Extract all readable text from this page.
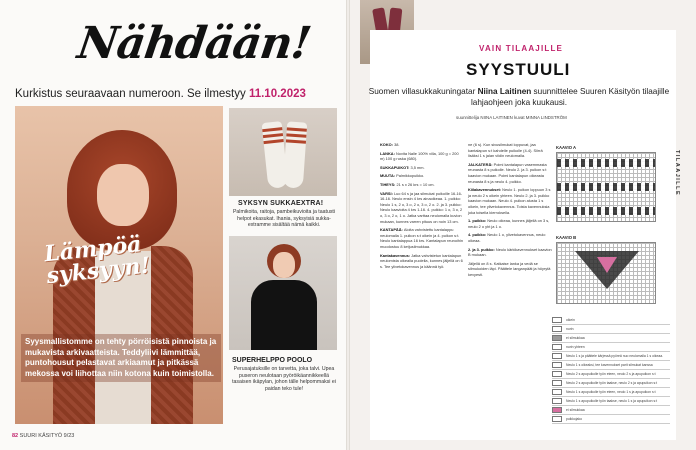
Nähdään!
Kurkistus seuraavaan numeroon. Se ilmestyy 11.10.2023
Lämpöä syksyyn!
Syysmallistomme on tehty pörröisistä pinnoista ja mukavista arkivaatteista. Teddyliivi lämmittää, puntohousut pelastavat arkiaamut ja pitkässä mekossa voi liihottaa niin kotona kuin toimistolla.
SYKSYN SUKKAEXTRA!
Palmikoita, raitoja, pambeikuvioita ja taatusti helpot ekasukat. Ihania, syksyisiä sukka-extramme sisältää nämä kaikki.
SUPERHELPPO POOLO
Perusajatuksille on tarvetta, joka talvi. Upea puseron neulotaan pyöröikäannikkeellä tasaisen ikäpylan, johon tälle helpommaksi ei paidan teko tule!
82 SUURI KÄSITYÖ 9/23
VAIN TILAAJILLE
SYYSTUULI
Suomen villasukkakuningatar Niina Laitinen suunnittelee Suuren Käsityön tilaajille lahjaohjeen joka kuukausi.
suunnittelija NIINA LAITINEN kuvat MINNA LINDSTRÖM

KOKO: 38.

LANKA: Novita Nalle 100% villa, 100 g = 200 m) 100 g ruska (680).

SUKKAPUIKOT: 3,5 mm.

MUUTA: Palmikkopuikko.

TIHEYS: 21 s x 26 krs = 10 cm.

VARSI: Luo 64 s ja jaa silmukat puikoille 16-16-16-16. Neulo ensin 4 krs ainaoikeaa. 1. puikko: Neulo 1 s, 2 o, 3 o, 2 o, 3 o, 2 o. 2. ja 3. puikko: Neulo kaavioita 4 krs 1-16. 4. puikko: 1 o, 3 o, 2 o, 3 o, 2 o, 1 o. Jatka varttaa neulomalla kuvion mukaan, kunnes varren pituus on noin 13 cm.

KANTAPÄÄ: Aloita vahvistettu kantalappu neulomalla 1. puikon s:t oikein ja 4. puikon s:t. Neulo kantalappua 16 krs. Kantalapun reunoihin muodostuu 8 ketjusilmukkaa.

Kantakavennus: Jatka vahvistetun kantalapun neulomista oikealla puolella, kunnes jäljellä on 6 s. Tee ylivetokavennus ja käännä työ.

ne (6 s). Kun sivusilmukat loppuvat, jaa kantalapun s:t kahdelle puikolle (4-4). Siirrä lisäksi 1 s jalan viidin neulomalla.

JALKATERÄ: Poimi kantalapun vasemmasta reunasta 8 s puikolle. Neulo 2. ja 3. puikon s:t kaavion mukaan. Poimi kantalapun oikeasta reunasta 8 s ja neulo 4. puikko.

Kiilakavennukset: Neulo 1. puikon loppuun 3 s ja neulo 2 s oikein yhteen. Neulo 2. ja 3. puikko kaavion mukaan. Neulo 4. puikon alusta 1 s oikein, tee ylivetokavennus. Toista kavennuksia joka toisella kierroksella.

1. puikko: Neulo oikeaa, kunnes jäljellä on 3 s, neulo 2 o yht ja 1 o.

4. puikko: Neulo 1 o, ylivetokavennus, neulo oikeaa.

2. ja 3. puikko: Neulo kärkikavennukset kaavion B mukaan.

Jäljellä on 8 s. Katkaise lanka ja vedä se silmukoiden läpi. Päättele langanpäät ja höyrytä kevyesti.

TILAAJILLE
KAAVIO A
KAAVIO B
oikein
nurin
ei silmukkaa
nurin yhteen
Neulo 1 s ja päättele kärjessä pyöreä nuo neulomalla 1 s oikeaa.
Neulo 1 s oikeaksi, tee kavennukset parit silmukat kanssa
Neulo 2 s apupuikolle työn eteen, neulo 2 s ja apupuikon s:t
Neulo 2 s apupuikolle työn taakse, neulo 2 s ja apupuikon s:t
Neulo 1 s apupuikolle työn eteen, neulo 1 s ja apupuikon s:t
Neulo 1 s apupuikolle työn taakse, neulo 1 s ja apupuikon s:t
ei silmukkaa
puikkojako
